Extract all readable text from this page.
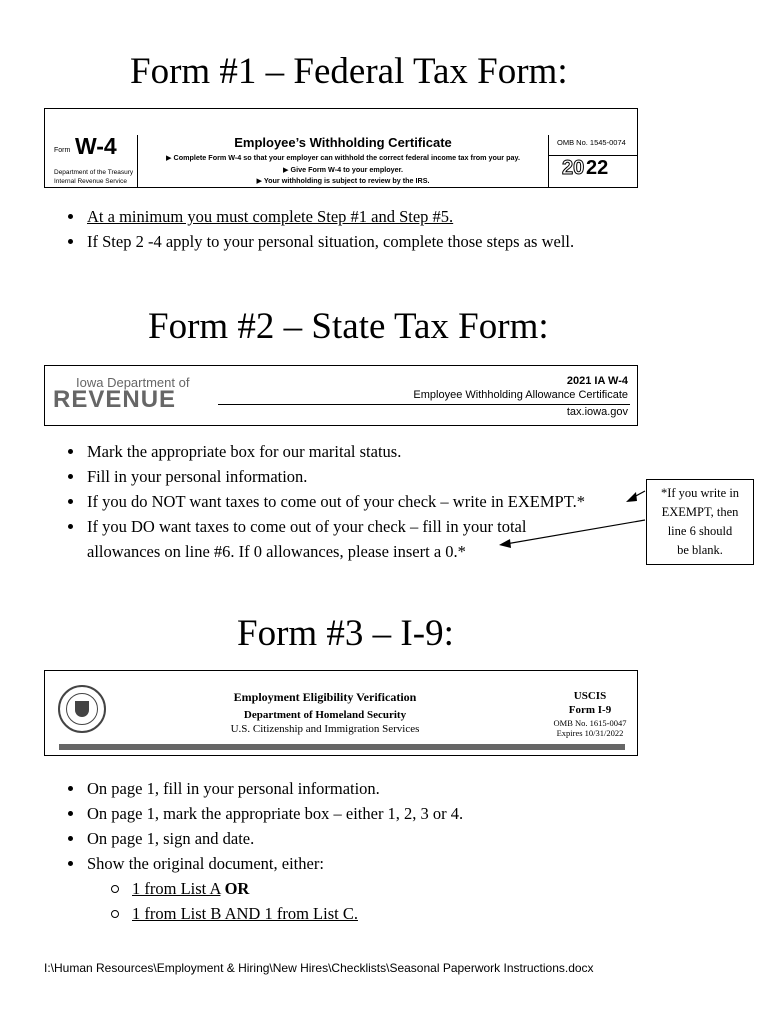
Form #1 – Federal Tax Form:
Form W-4
Department of the Treasury
Internal Revenue Service
Employee’s Withholding Certificate
▶ Complete Form W-4 so that your employer can withhold the correct federal income tax from your pay.
▶ Give Form W-4 to your employer.
▶ Your withholding is subject to review by the IRS.
OMB No. 1545-0074
20 22
At a minimum you must complete Step #1 and Step #5.
If Step 2 -4 apply to your personal situation, complete those steps as well.
Form #2 – State Tax Form:
Iowa Department of
REVENUE
2021 IA W-4
Employee Withholding Allowance Certificate
tax.iowa.gov
Mark the appropriate box for our marital status.
Fill in your personal information.
If you do NOT want taxes to come out of your check – write in EXEMPT.*
If you DO want taxes to come out of your check – fill in your total
allowances on line #6. If 0 allowances, please insert a 0.*
*If you write in
EXEMPT, then
line 6 should
be blank.
Form #3 – I-9:
Employment Eligibility Verification
Department of Homeland Security
U.S. Citizenship and Immigration Services
USCIS
Form I-9
OMB No. 1615-0047
Expires 10/31/2022
On page 1, fill in your personal information.
On page 1, mark the appropriate box – either 1, 2, 3 or 4.
On page 1, sign and date.
Show the original document, either:
1 from List A OR
1 from List B AND 1 from List C.
I:\Human Resources\Employment & Hiring\New Hires\Checklists\Seasonal Paperwork Instructions.docx
